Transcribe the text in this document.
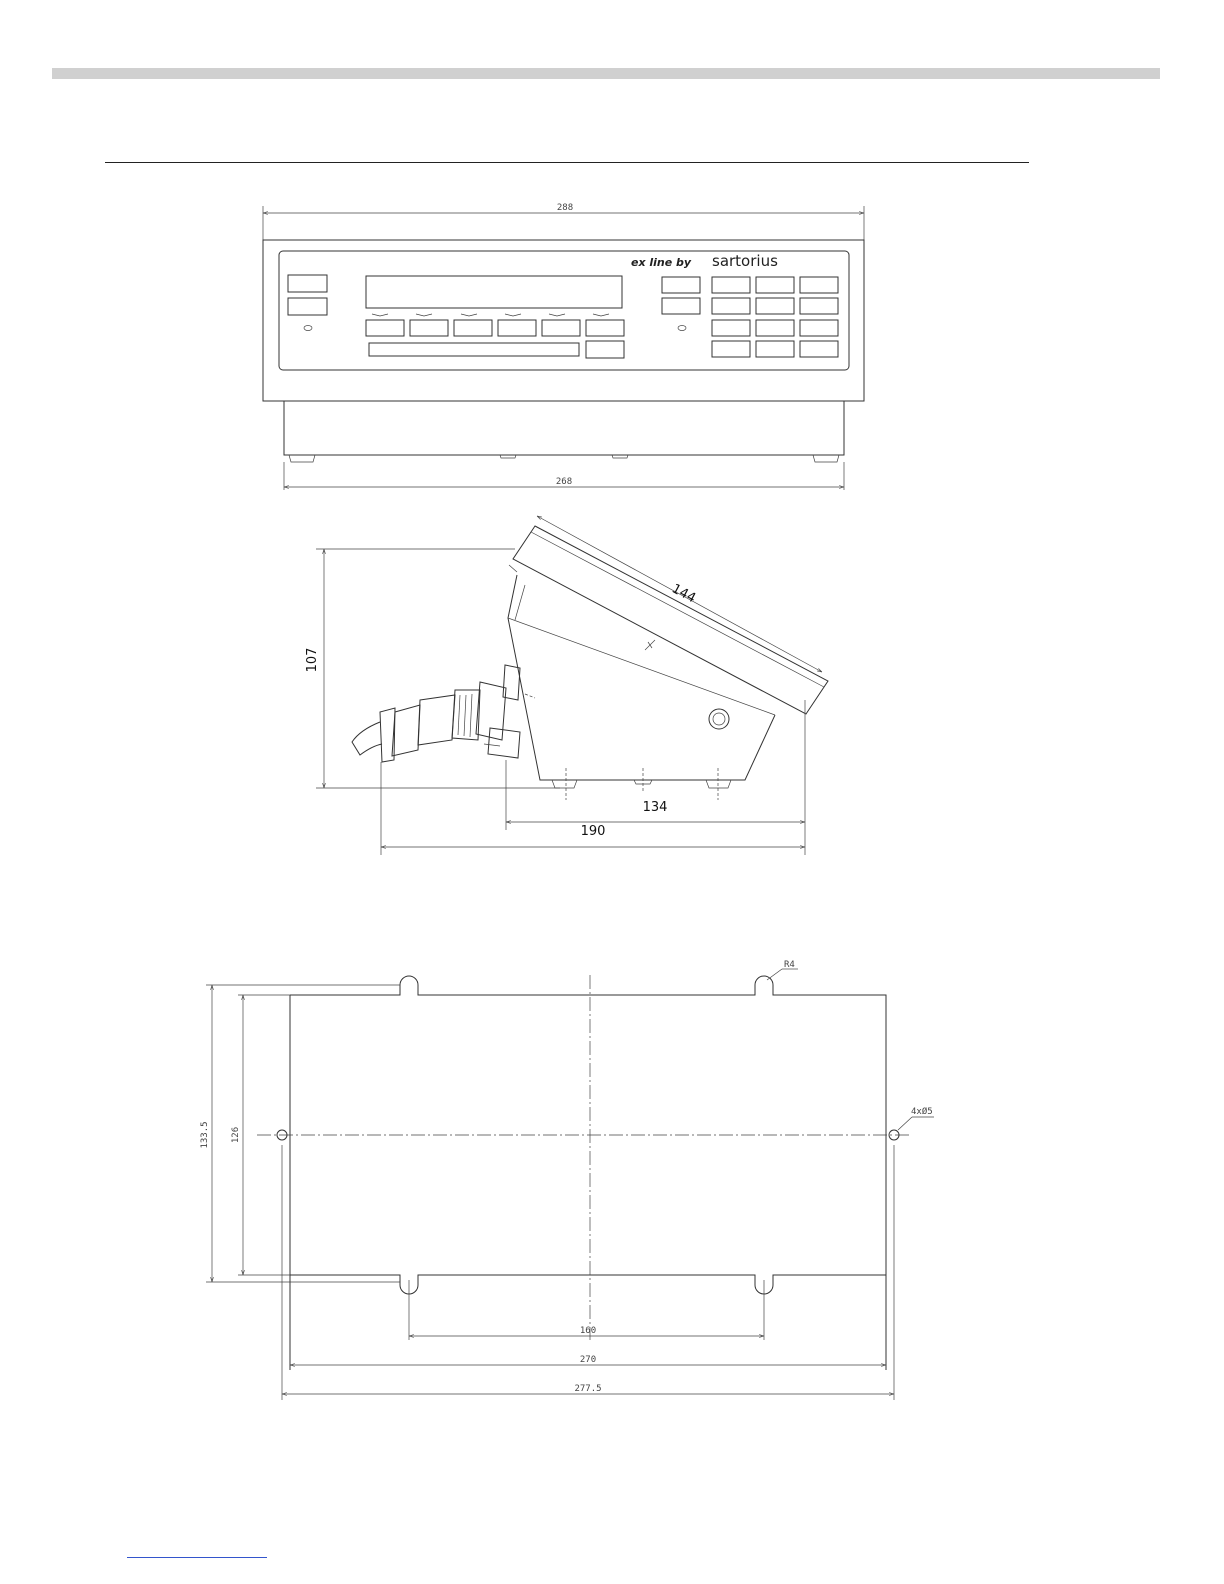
288
ex line by sartorius
268
107
144
134
190
R4
4xØ5
133.5 126
160
270
277.5
